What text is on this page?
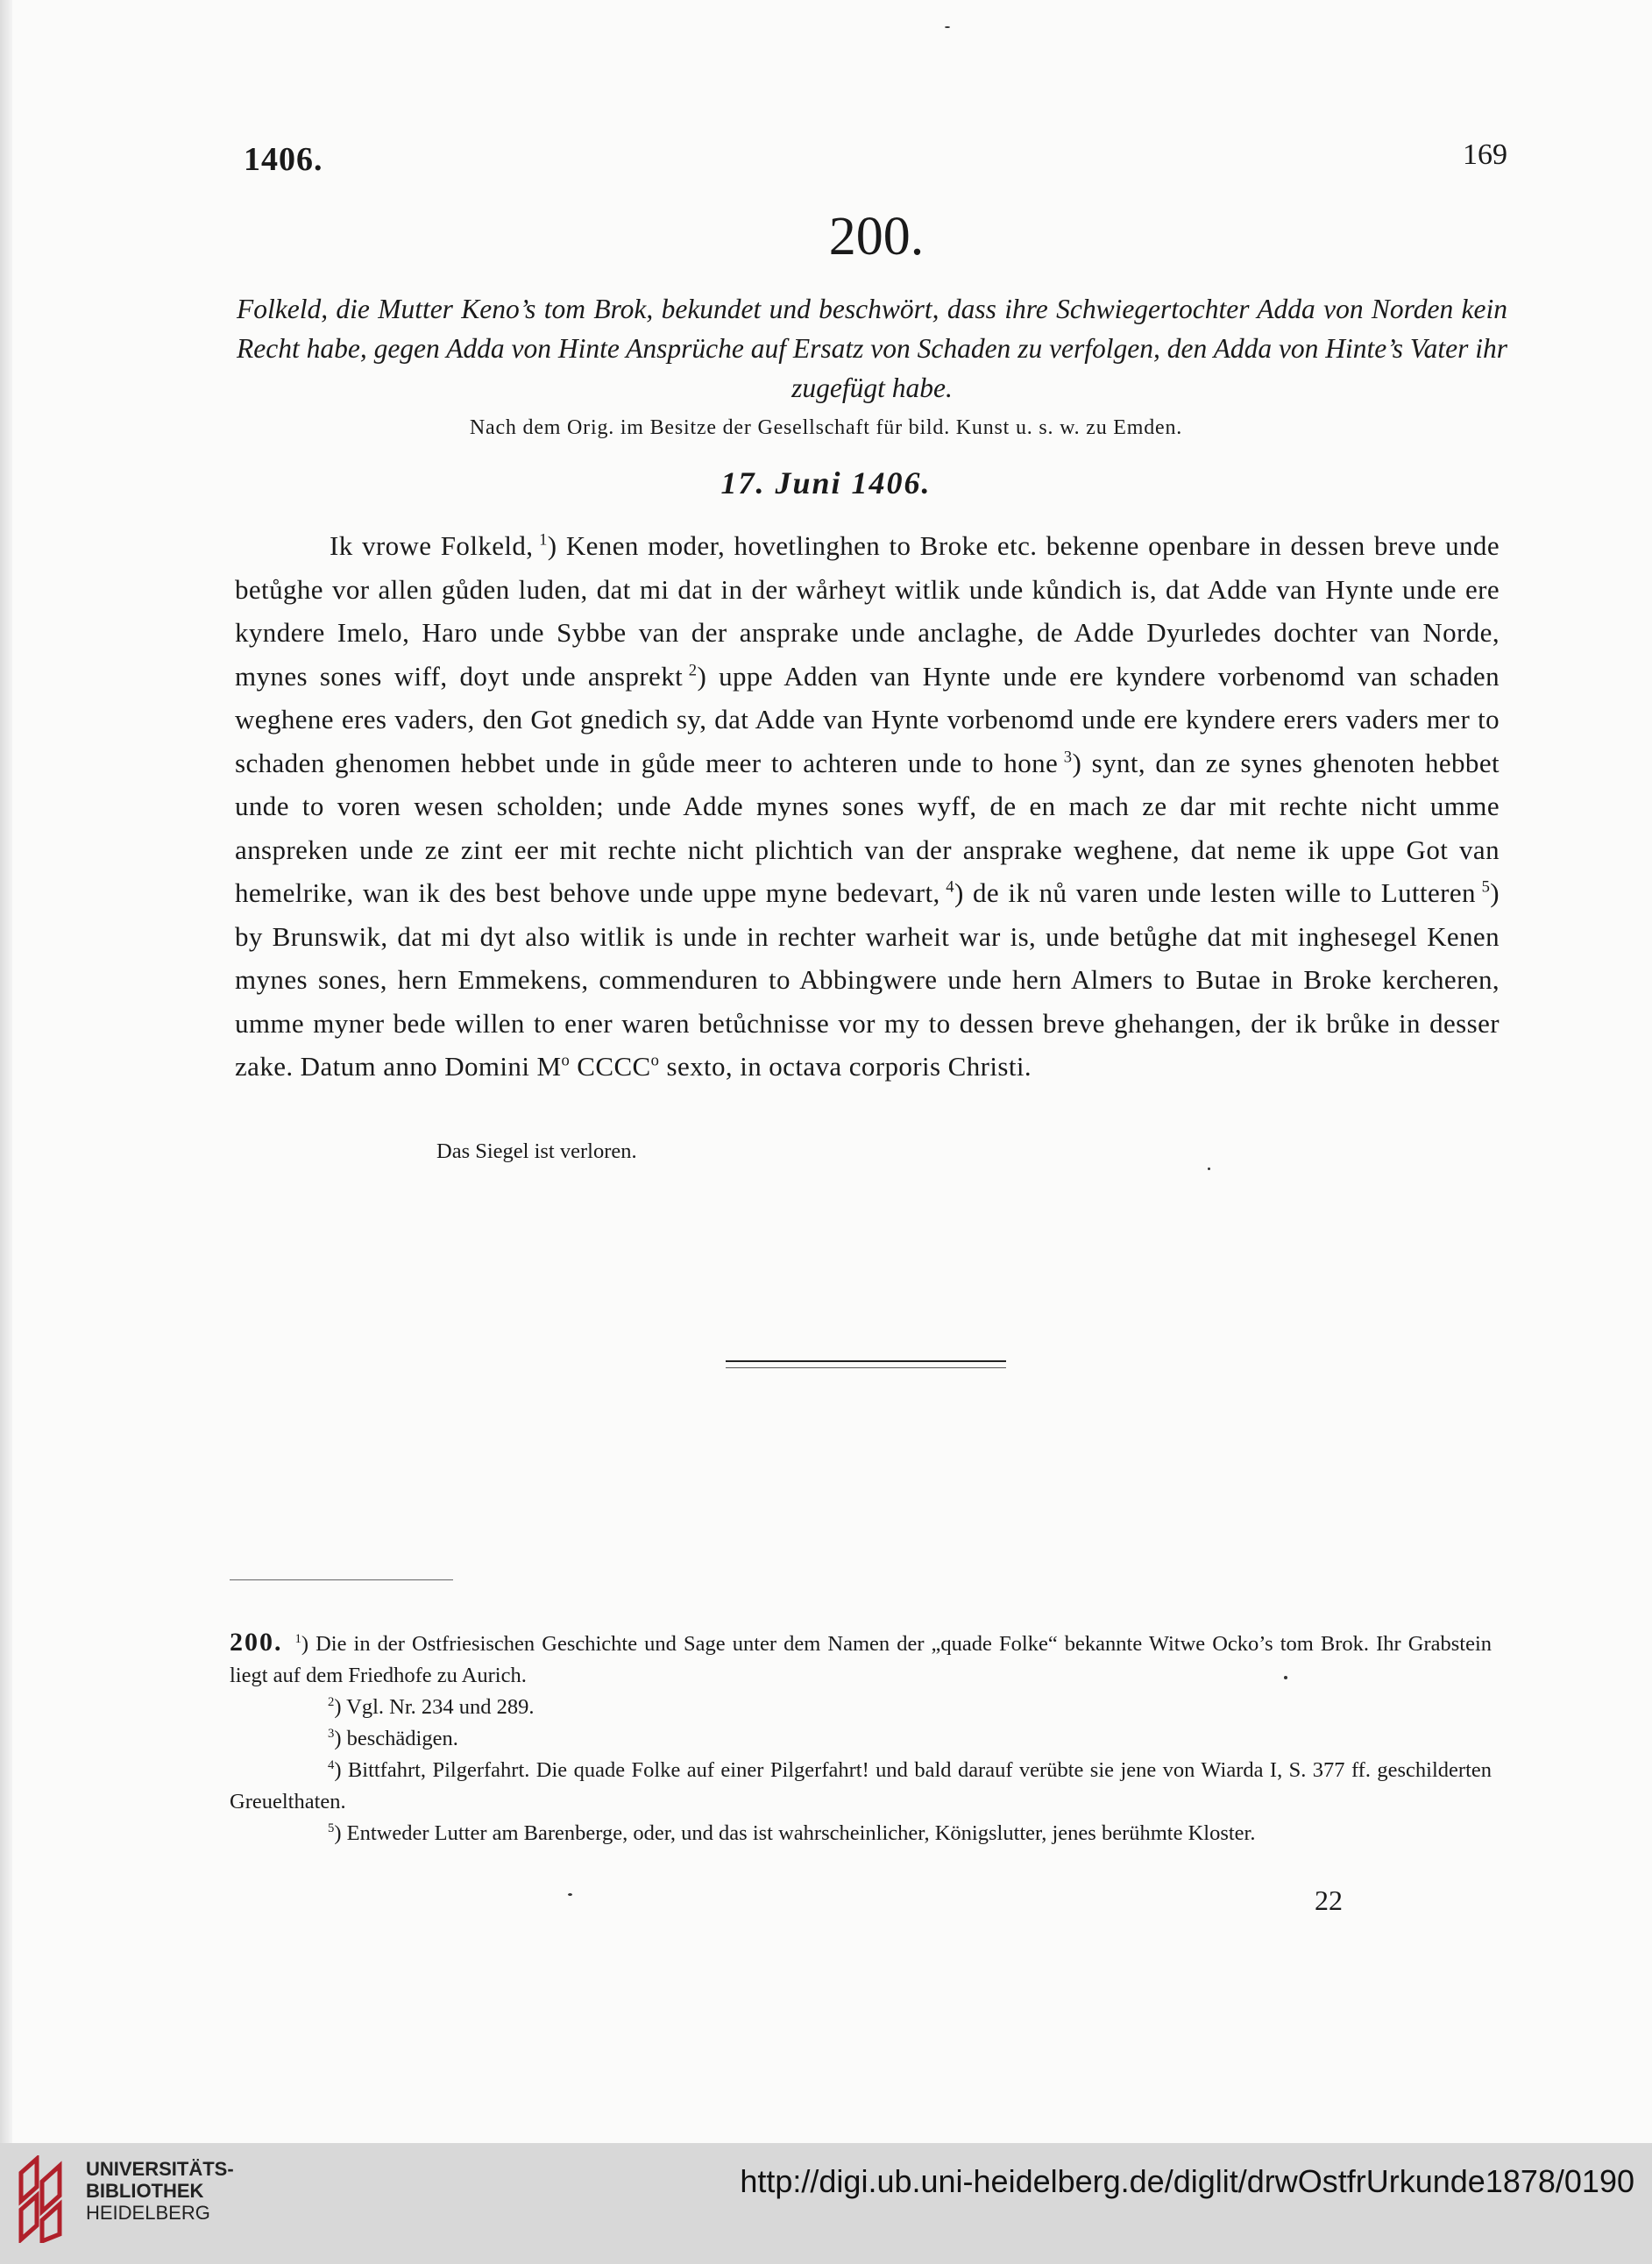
1406.	169
200.
Folkeld, die Mutter Keno’s tom Brok, bekundet und beschwört, dass ihre Schwiegertochter Adda von Norden kein Recht habe, gegen Adda von Hinte Ansprüche auf Ersatz von Schaden zu verfolgen, den Adda von Hinte’s Vater ihr zugefügt habe.
Nach dem Orig. im Besitze der Gesellschaft für bild. Kunst u. s. w. zu Emden.
17. Juni 1406.
Ik vrowe Folkeld,  $^1$) Kenen moder, hovetlinghen to Broke etc. bekenne openbare in dessen breve unde betůghe vor allen gůden luden, dat mi dat in der wårheyt witlik unde kůndich is, dat Adde van Hynte unde ere kyndere Imelo, Haro unde Sybbe van der ansprake unde anclaghe, de Adde Dyurledes dochter van Norde, mynes sones wiff, doyt unde ansprekt  $^2$) uppe Adden van Hynte unde ere kyndere vorbenomd van schaden weghene eres vaders, den Got gnedich sy, dat Adde van Hynte vorbenomd unde ere kyndere erers vaders mer to schaden ghenomen hebbet unde in gůde meer to achteren unde to hone  $^3$) synt, dan ze synes ghenoten hebbet unde to voren wesen scholden; unde Adde mynes sones wyff, de en mach ze dar mit rechte nicht umme anspreken unde ze zint eer mit rechte nicht plichtich van der ansprake weghene, dat neme ik uppe Got van hemelrike, wan ik des best behove unde uppe myne bedevart,  $^4$) de ik nů varen unde lesten wille to Lutteren  $^5$) by Brunswik, dat mi dyt also witlik is unde in rechter warheit war is, unde betůghe dat mit inghesegel Kenen mynes sones, hern Emmekens, commenduren to Abbingwere unde hern Almers to Butae in Broke kercheren, umme myner bede willen to ener waren betůchnisse vor my to dessen breve ghehangen, der ik brůke in desser zake. Datum anno Domini $M^o$ CCCC$^o$ sexto, in octava corporis Christi.
Das Siegel ist verloren.
200. $^1$) Die in der Ostfriesischen Geschichte und Sage unter dem Namen der „quade Folke“ bekannte Witwe Ocko’s tom Brok. Ihr Grabstein liegt auf dem Friedhofe zu Aurich.
$^2$) Vgl. Nr. 234 und 289.
$^3$) beschädigen.
$^4$) Bittfahrt, Pilgerfahrt. Die quade Folke auf einer Pilgerfahrt! und bald darauf verübte sie jene von Wiarda I, S. 377 ff. geschilderten Greuelthaten.
$^5$) Entweder Lutter am Barenberge, oder, und das ist wahrscheinlicher, Königslutter, jenes berühmte Kloster.
22
UNIVERSITÄTS-
BIBLIOTHEK
HEIDELBERG
http://digi.ub.uni-heidelberg.de/diglit/drwOstfrUrkunde1878/0190
